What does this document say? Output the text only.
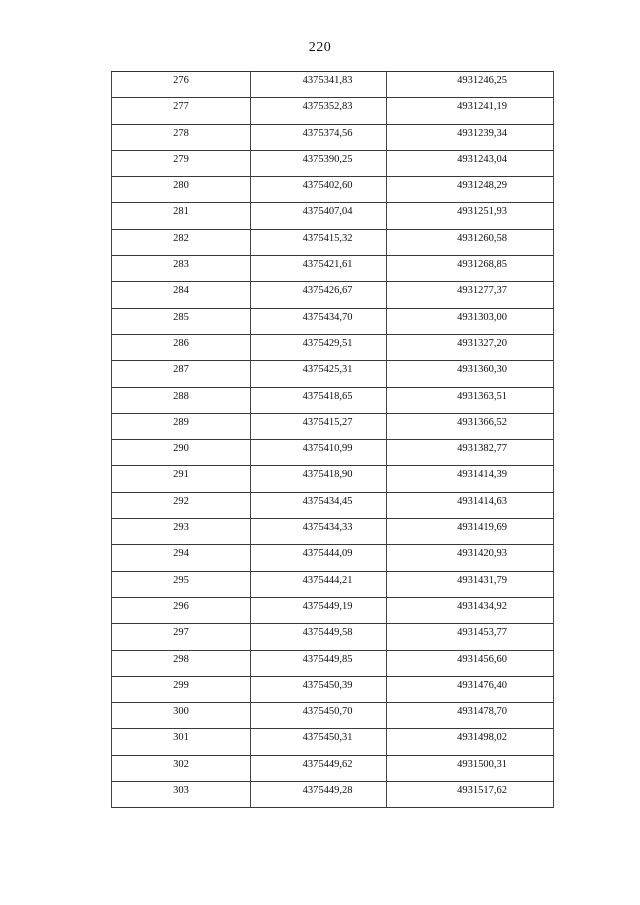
220
276	4375341,83	4931246,25
277	4375352,83	4931241,19
278	4375374,56	4931239,34
279	4375390,25	4931243,04
280	4375402,60	4931248,29
281	4375407,04	4931251,93
282	4375415,32	4931260,58
283	4375421,61	4931268,85
284	4375426,67	4931277,37
285	4375434,70	4931303,00
286	4375429,51	4931327,20
287	4375425,31	4931360,30
288	4375418,65	4931363,51
289	4375415,27	4931366,52
290	4375410,99	4931382,77
291	4375418,90	4931414,39
292	4375434,45	4931414,63
293	4375434,33	4931419,69
294	4375444,09	4931420,93
295	4375444,21	4931431,79
296	4375449,19	4931434,92
297	4375449,58	4931453,77
298	4375449,85	4931456,60
299	4375450,39	4931476,40
300	4375450,70	4931478,70
301	4375450,31	4931498,02
302	4375449,62	4931500,31
303	4375449,28	4931517,62
